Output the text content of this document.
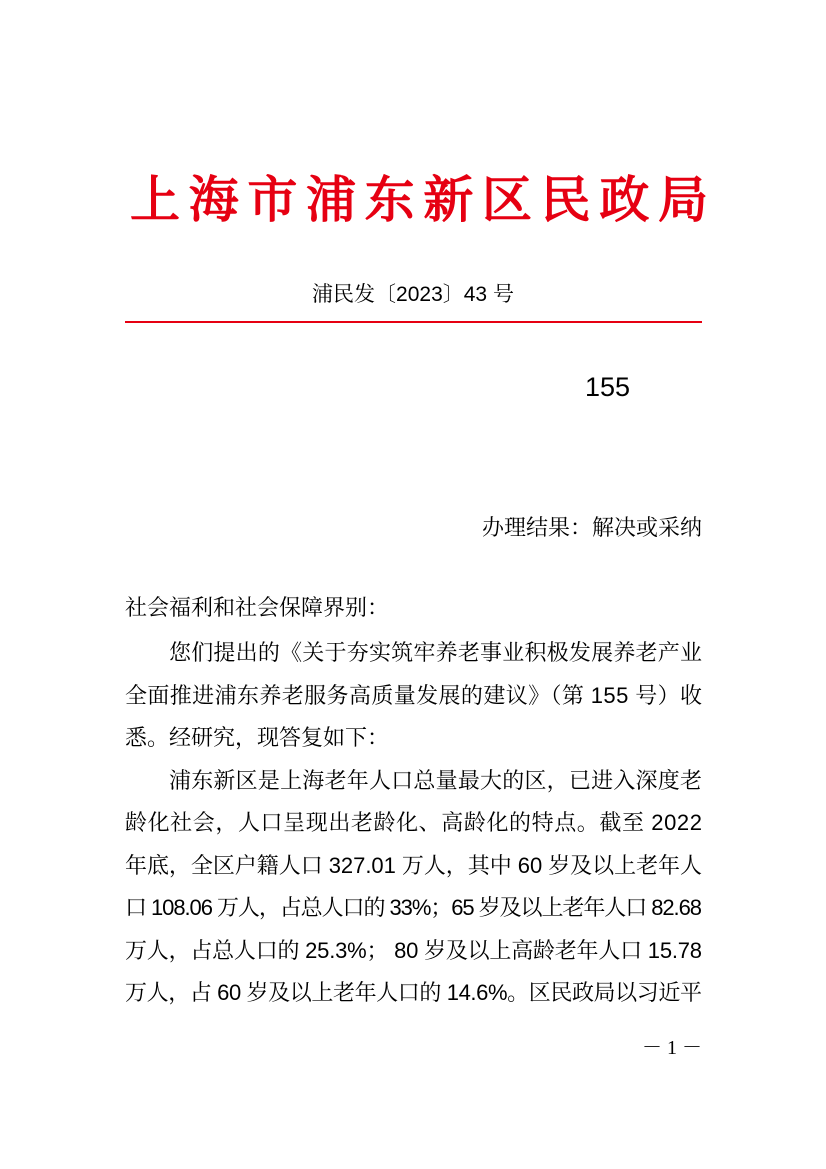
上海市浦东新区民政局
浦民发〔2023〕43 号
155
办理结果：解决或采纳
社会福利和社会保障界别：
您们提出的《关于夯实筑牢养老事业积极发展养老产业
全面推进浦东养老服务高质量发展的建议》（第 155 号）收
悉。经研究，现答复如下：
浦东新区是上海老年人口总量最大的区，已进入深度老
龄化社会，人口呈现出老龄化、高龄化的特点。截至 2022
年底，全区户籍人口 327.01 万人，其中 60 岁及以上老年人
口 108.06 万人，占总人口的 33%；65 岁及以上老年人口 82.68
万人，占总人口的 25.3%； 80 岁及以上高龄老年人口 15.78
万人，占 60 岁及以上老年人口的 14.6%。区民政局以习近平
－ 1 －
